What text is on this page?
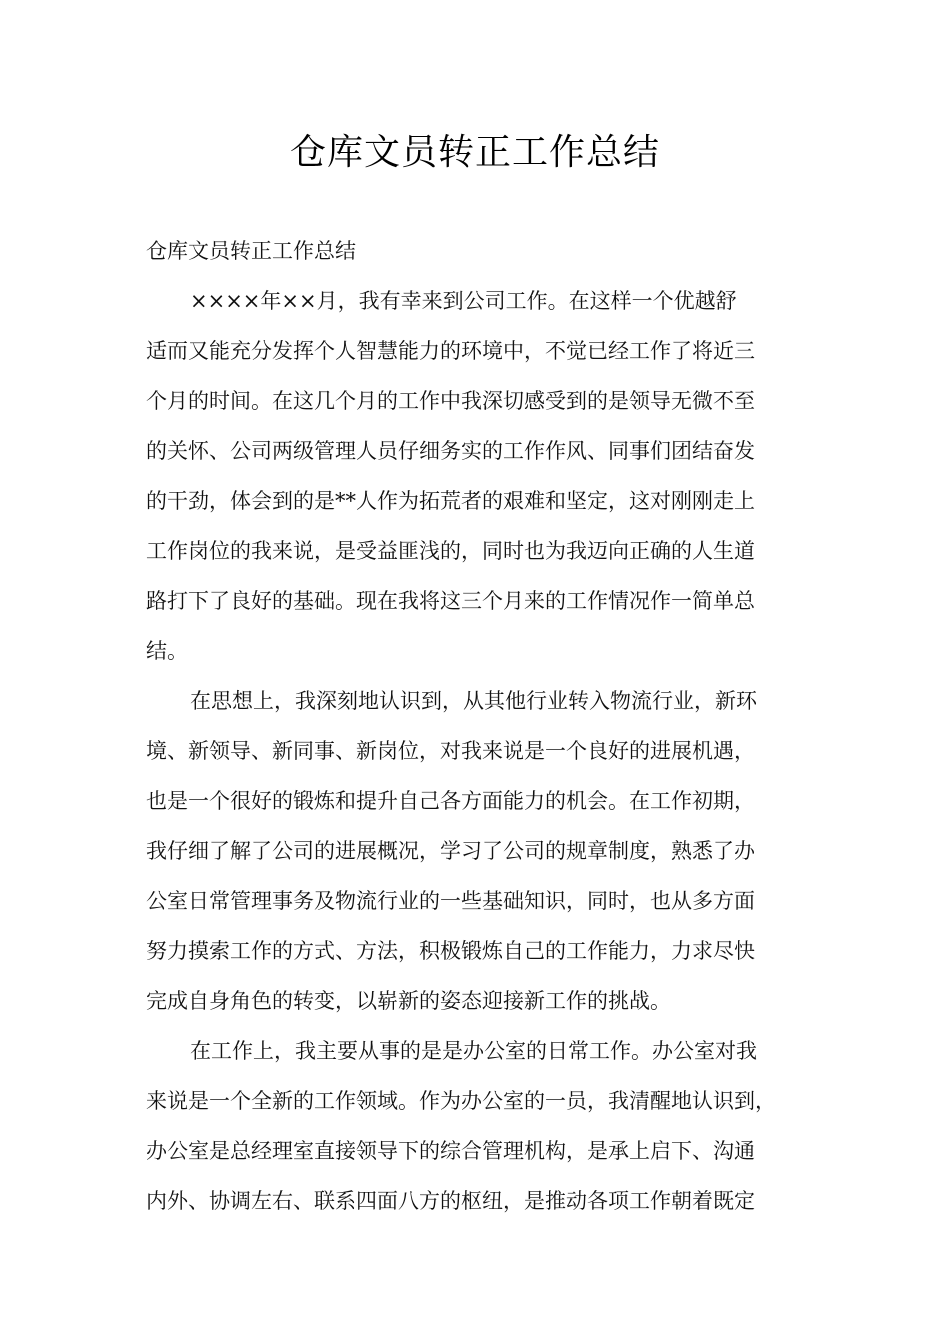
仓库文员转正工作总结
仓库文员转正工作总结
××××年××月，我有幸来到公司工作。在这样一个优越舒
适而又能充分发挥个人智慧能力的环境中，不觉已经工作了将近三
个月的时间。在这几个月的工作中我深切感受到的是领导无微不至
的关怀、公司两级管理人员仔细务实的工作作风、同事们团结奋发
的干劲，体会到的是**人作为拓荒者的艰难和坚定，这对刚刚走上
工作岗位的我来说，是受益匪浅的，同时也为我迈向正确的人生道
路打下了良好的基础。现在我将这三个月来的工作情况作一简单总
结。
在思想上，我深刻地认识到，从其他行业转入物流行业，新环
境、新领导、新同事、新岗位，对我来说是一个良好的进展机遇，
也是一个很好的锻炼和提升自己各方面能力的机会。在工作初期，
我仔细了解了公司的进展概况，学习了公司的规章制度，熟悉了办
公室日常管理事务及物流行业的一些基础知识，同时，也从多方面
努力摸索工作的方式、方法，积极锻炼自己的工作能力，力求尽快
完成自身角色的转变，以崭新的姿态迎接新工作的挑战。
在工作上，我主要从事的是是办公室的日常工作。办公室对我
来说是一个全新的工作领域。作为办公室的一员，我清醒地认识到，
办公室是总经理室直接领导下的综合管理机构，是承上启下、沟通
内外、协调左右、联系四面八方的枢纽，是推动各项工作朝着既定
